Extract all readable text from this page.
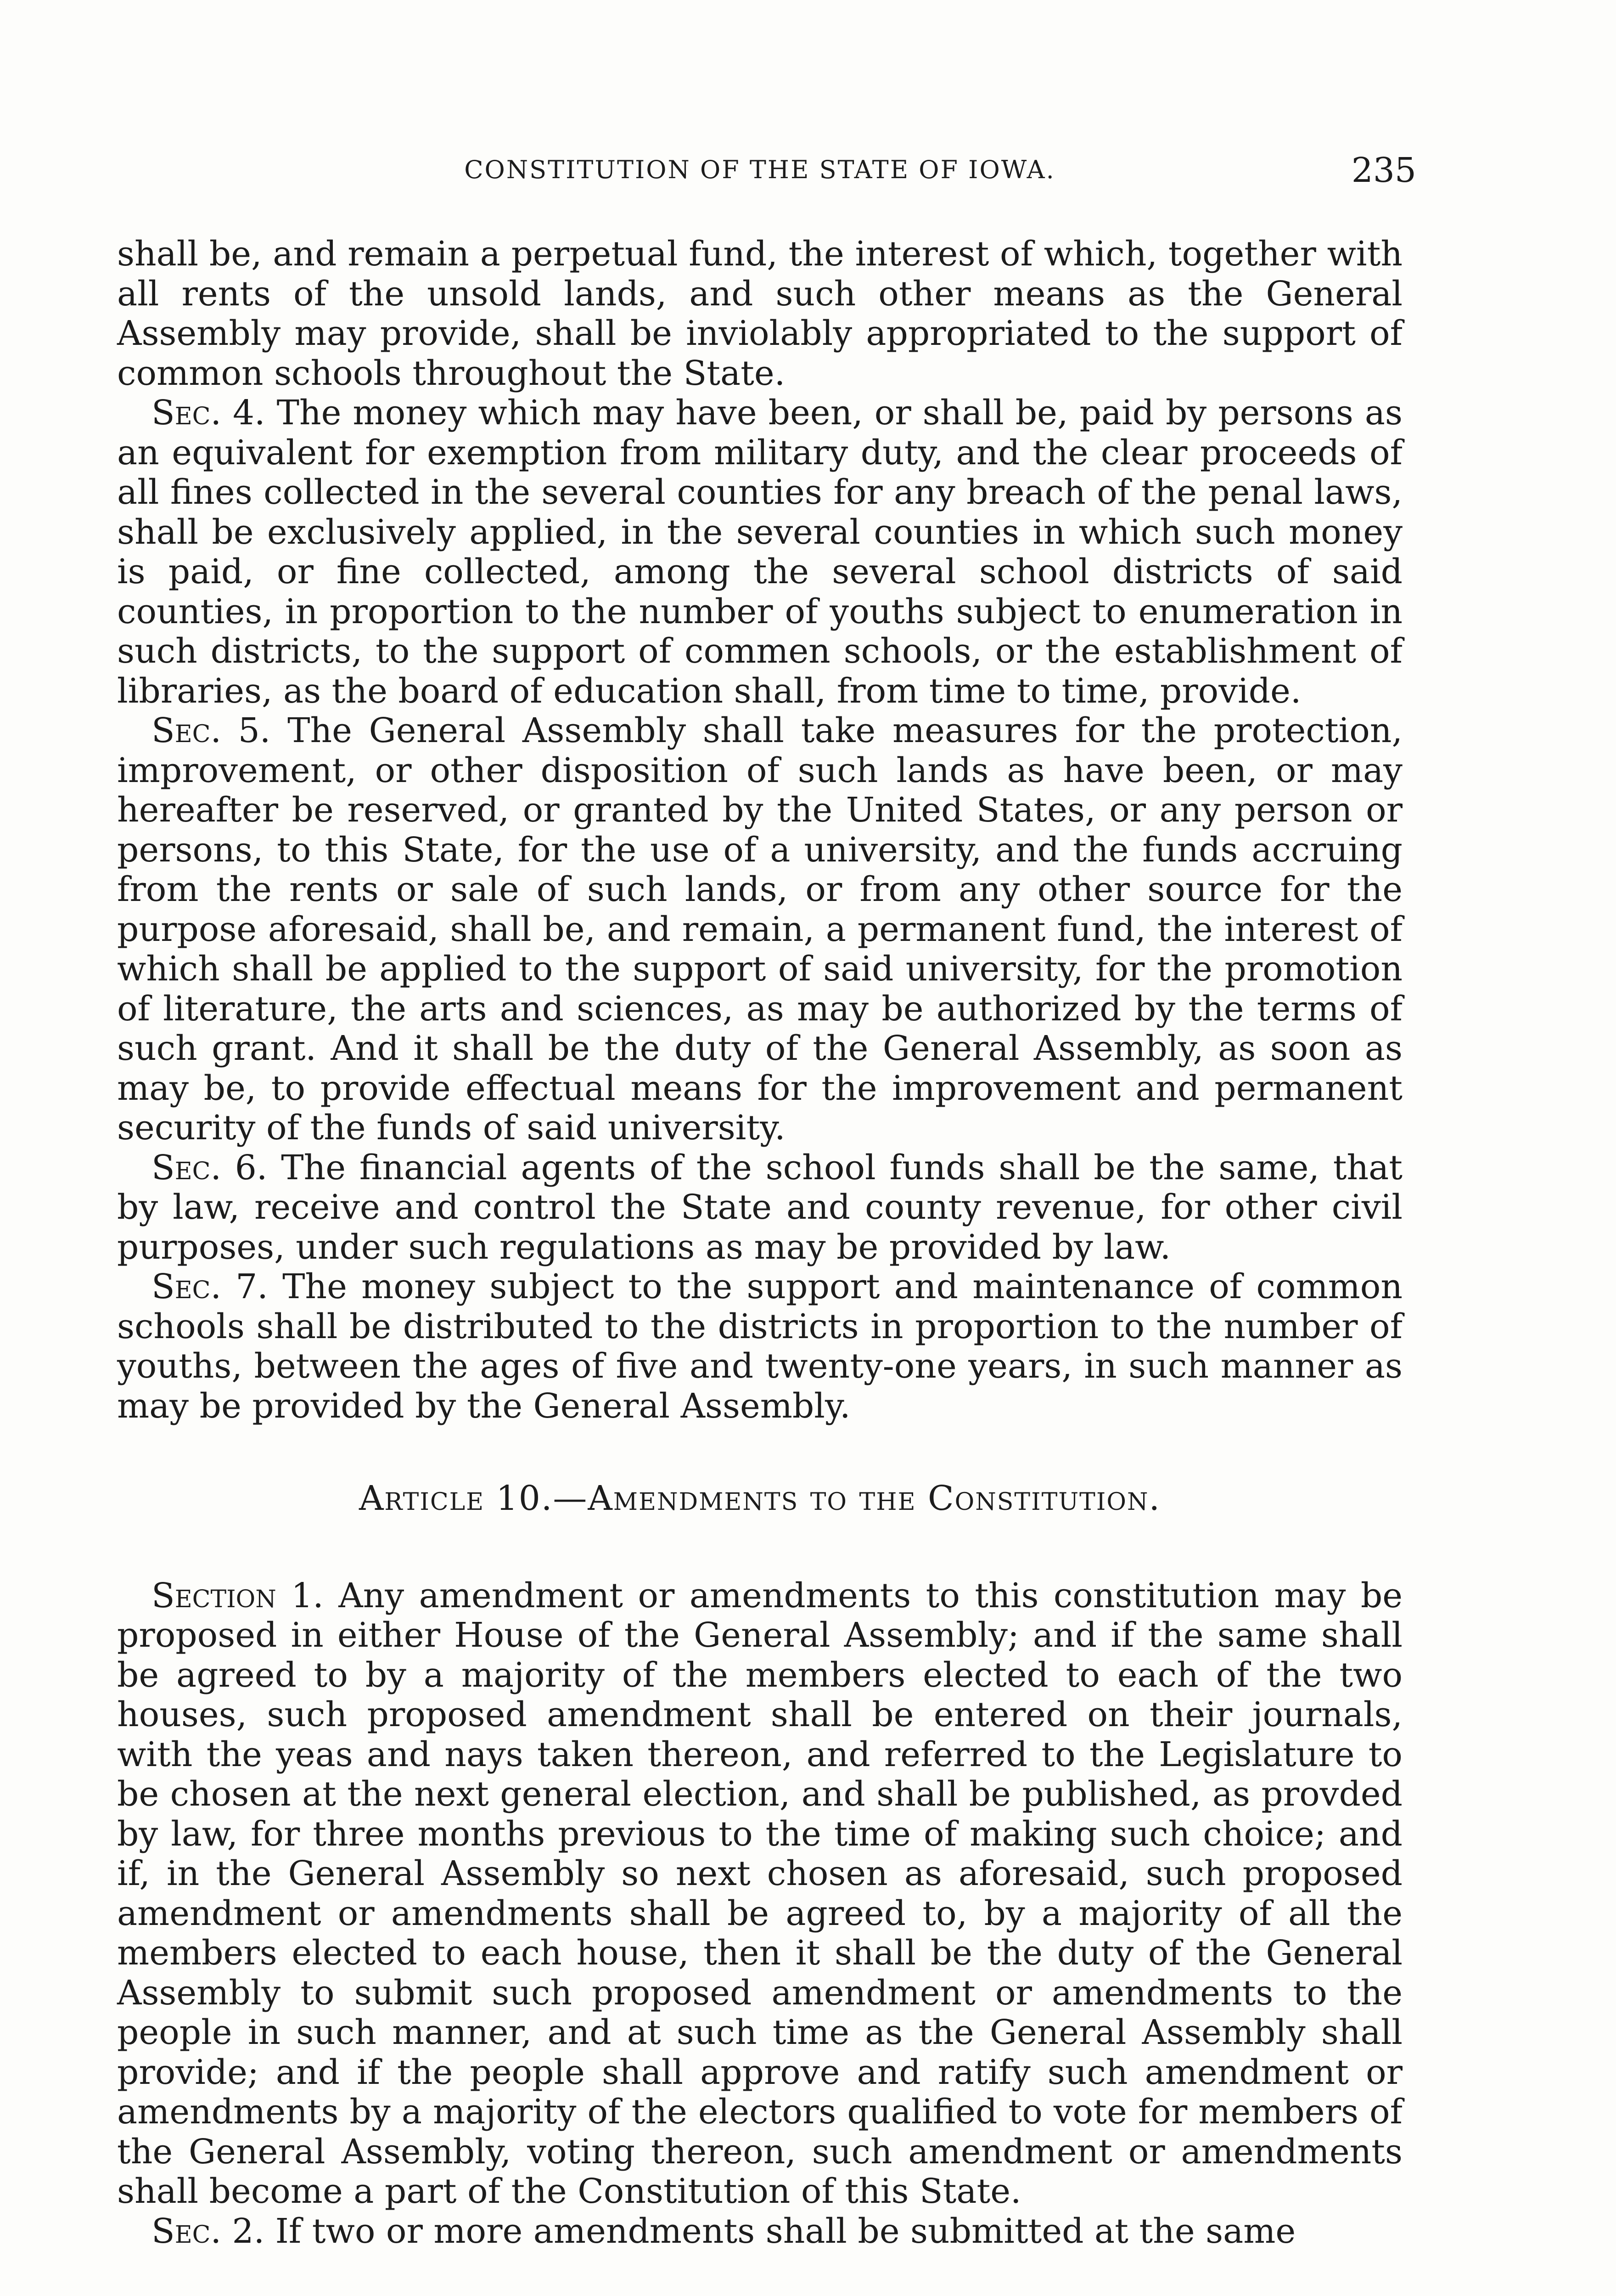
CONSTITUTION OF THE STATE OF IOWA.	235

shall be, and remain a perpetual fund, the interest of which, together with all rents of the unsold lands, and such other means as the General Assembly may provide, shall be inviolably appropriated to the support of common schools throughout the State.

Sec. 4. The money which may have been, or shall be, paid by persons as an equivalent for exemption from military duty, and the clear proceeds of all fines collected in the several counties for any breach of the penal laws, shall be exclusively applied, in the several counties in which such money is paid, or fine collected, among the several school districts of said counties, in proportion to the number of youths subject to enumeration in such districts, to the support of commen schools, or the establishment of libraries, as the board of education shall, from time to time, provide.

Sec. 5. The General Assembly shall take measures for the protection, improvement, or other disposition of such lands as have been, or may hereafter be reserved, or granted by the United States, or any person or persons, to this State, for the use of a university, and the funds accruing from the rents or sale of such lands, or from any other source for the purpose aforesaid, shall be, and remain, a permanent fund, the interest of which shall be applied to the support of said university, for the promotion of literature, the arts and sciences, as may be authorized by the terms of such grant. And it shall be the duty of the General Assembly, as soon as may be, to provide effectual means for the improvement and permanent security of the funds of said university.

Sec. 6. The financial agents of the school funds shall be the same, that by law, receive and control the State and county revenue, for other civil purposes, under such regulations as may be provided by law.

Sec. 7. The money subject to the support and maintenance of common schools shall be distributed to the districts in proportion to the number of youths, between the ages of five and twenty-one years, in such manner as may be provided by the General Assembly.

Article 10.—Amendments to the Constitution.

Section 1. Any amendment or amendments to this constitution may be proposed in either House of the General Assembly; and if the same shall be agreed to by a majority of the members elected to each of the two houses, such proposed amendment shall be entered on their journals, with the yeas and nays taken thereon, and referred to the Legislature to be chosen at the next general election, and shall be published, as provded by law, for three months previous to the time of making such choice; and if, in the General Assembly so next chosen as aforesaid, such proposed amendment or amendments shall be agreed to, by a majority of all the members elected to each house, then it shall be the duty of the General Assembly to submit such proposed amendment or amendments to the people in such manner, and at such time as the General Assembly shall provide; and if the people shall approve and ratify such amendment or amendments by a majority of the electors qualified to vote for members of the General Assembly, voting thereon, such amendment or amendments shall become a part of the Constitution of this State.

Sec. 2. If two or more amendments shall be submitted at the same
